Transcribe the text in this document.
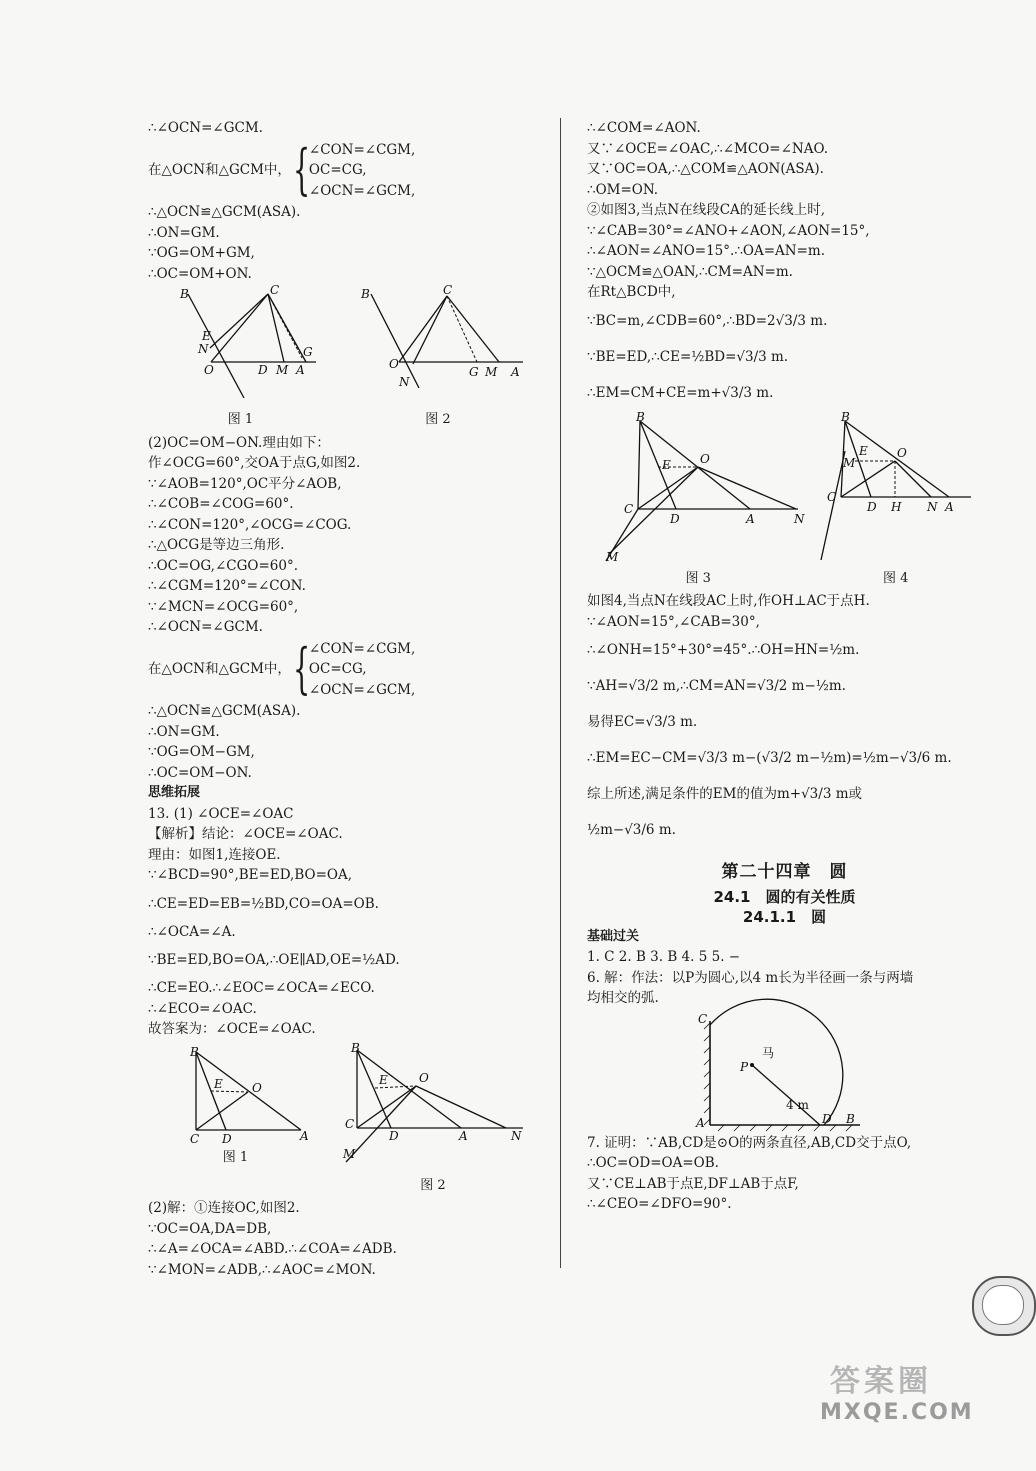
∴∠OCN=∠GCM.
在△OCN和△GCM中， {
∠CON=∠CGM,
OC=CG,
∠OCN=∠GCM,
∴△OCN≌△GCM(ASA).
∴ON=GM.
∵OG=OM+GM,
∴OC=OM+ON.
B	C
E
N
O	D M A
G
图 1
B	C
O
N
G M A
图 2
(2)OC=OM−ON.理由如下：
作∠OCG=60°,交OA于点G,如图2.
∵∠AOB=120°,OC平分∠AOB,
∴∠COB=∠COG=60°.
∴∠CON=120°,∠OCG=∠COG.
∴△OCG是等边三角形.
∴OC=OG,∠CGO=60°.
∴∠CGM=120°=∠CON.
∵∠MCN=∠OCG=60°,
∴∠OCN=∠GCM.
在△OCN和△GCM中， {
∠CON=∠CGM,
OC=CG,
∠OCN=∠GCM,
∴△OCN≌△GCM(ASA).
∴ON=GM.
∵OG=OM−GM,
∴OC=OM−ON.
思维拓展
13. (1) ∠OCE=∠OAC
【解析】结论：∠OCE=∠OAC.
理由：如图1,连接OE.
∵∠BCD=90°,BE=ED,BO=OA,
∴CE=ED=EB=½BD,CO=OA=OB.
∴∠OCA=∠A.
∵BE=ED,BO=OA,∴OE∥AD,OE=½AD.
∴CE=EO.∴∠EOC=∠OCA=∠ECO.
∴∠ECO=∠OAC.
故答案为：∠OCE=∠OAC.
B
E O
C D	A
图 1
B
E	O
C
D	A	N
M
图 2
(2)解：①连接OC,如图2.
∵OC=OA,DA=DB,
∴∠A=∠OCA=∠ABD.∴∠COA=∠ADB.
∵∠MON=∠ADB,∴∠AOC=∠MON.
∴∠COM=∠AON.
又∵∠OCE=∠OAC,∴∠MCO=∠NAO.
又∵OC=OA,∴△COM≌△AON(ASA).
∴OM=ON.
②如图3,当点N在线段CA的延长线上时,
∵∠CAB=30°=∠ANO+∠AON,∠AON=15°,
∴∠AON=∠ANO=15°.∴OA=AN=m.
∵△OCM≌△OAN,∴CM=AN=m.
在Rt△BCD中,
∵BC=m,∠CDB=60°,∴BD=2√3/3 m.
∵BE=ED,∴CE=½BD=√3/3 m.
∴EM=CM+CE=m+√3/3 m.
B
E O
C
D	A	N
M
图 3
B
E O
C
M
D H N A
图 4
如图4,当点N在线段AC上时,作OH⊥AC于点H.
∵∠AON=15°,∠CAB=30°,
∴∠ONH=15°+30°=45°.∴OH=HN=½m.
∵AH=√3/2 m,∴CM=AN=√3/2 m−½m.
易得EC=√3/3 m.
∴EM=EC−CM=√3/3 m−(√3/2 m−½m)=½m−√3/6 m.
综上所述,满足条件的EM的值为m+√3/3 m或
½m−√3/6 m.
第二十四章　圆
24.1　圆的有关性质
24.1.1　圆
基础过关
1. C 2. B 3. B 4. 5 5. −
6. 解：作法：以P为圆心,以4 m长为半径画一条与两墙
均相交的弧.
C
P
A	D B
马
4 m
7. 证明：∵AB,CD是⊙O的两条直径,AB,CD交于点O,
∴OC=OD=OA=OB.
又∵CE⊥AB于点E,DF⊥AB于点F,
∴∠CEO=∠DFO=90°.
答案圈
MXQE.COM
